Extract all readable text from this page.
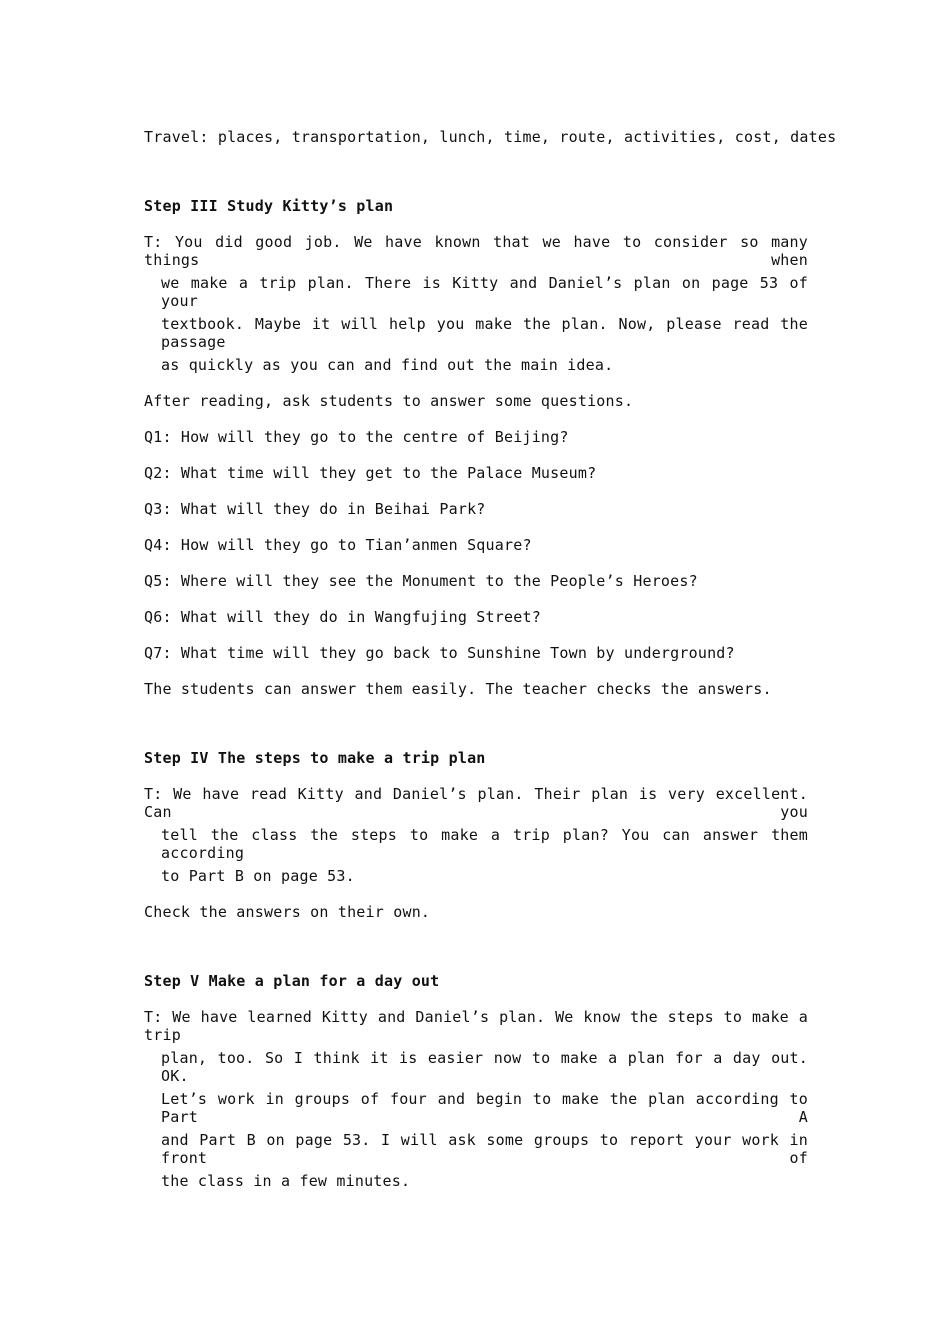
Travel: places, transportation, lunch, time, route, activities, cost, dates
Step III Study Kitty’s plan
T: You did good job. We have known that we have to consider so many things when
we make a trip plan. There is Kitty and Daniel’s plan on page 53 of your
textbook. Maybe it will help you make the plan. Now, please read the passage
as quickly as you can and find out the main idea.
After reading, ask students to answer some questions.
Q1: How will they go to the centre of Beijing?
Q2: What time will they get to the Palace Museum?
Q3: What will they do in Beihai Park?
Q4: How will they go to Tian’anmen Square?
Q5: Where will they see the Monument to the People’s Heroes?
Q6: What will they do in Wangfujing Street?
Q7: What time will they go back to Sunshine Town by underground?
The students can answer them easily. The teacher checks the answers.
Step IV The steps to make a trip plan
T: We have read Kitty and Daniel’s plan. Their plan is very excellent. Can you
tell the class the steps to make a trip plan? You can answer them according
to Part B on page 53.
Check the answers on their own.
Step V Make a plan for a day out
T: We have learned Kitty and Daniel’s plan. We know the steps to make a trip
plan, too. So I think it is easier now to make a plan for a day out. OK.
Let’s work in groups of four and begin to make the plan according to Part A
and Part B on page 53. I will ask some groups to report your work in front of
the class in a few minutes.
